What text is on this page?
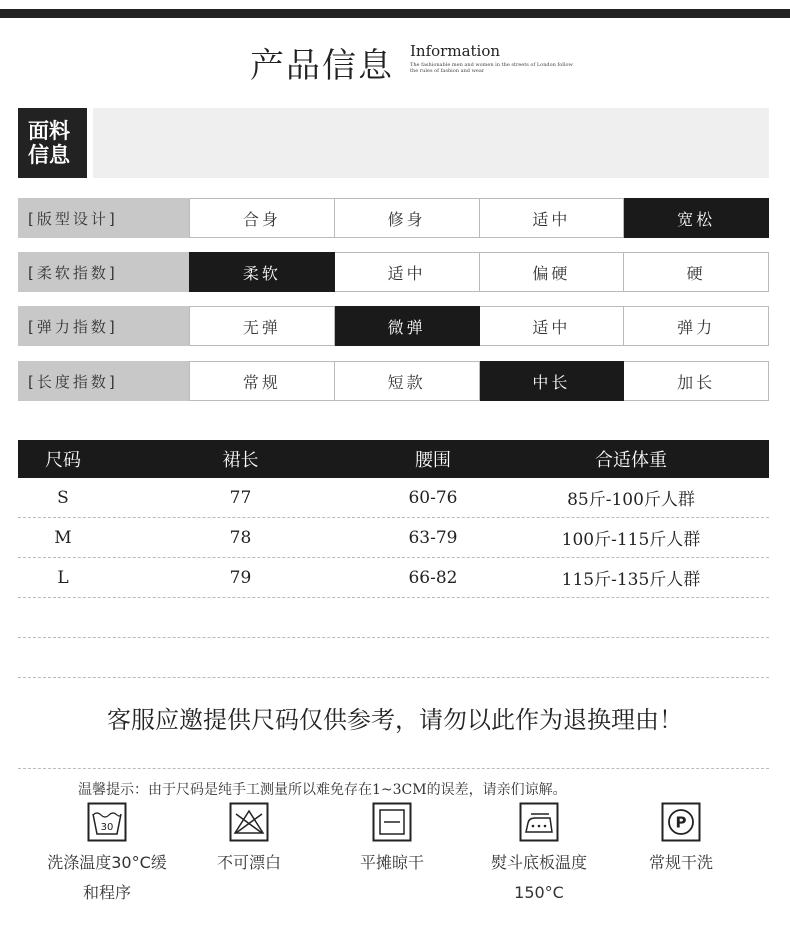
产品信息 Information
The fashionable men and women in the streets of London follow the rules of fashion and wear
面料
信息
[版型设计]	合身	修身	适中	宽松
[柔软指数]	柔软	适中	偏硬	硬
[弹力指数]	无弹	微弹	适中	弹力
[长度指数]	常规	短款	中长	加长
尺码	裙长	腰围	合适体重
S	77	60-76	85斤-100斤人群
M	78	63-79	100斤-115斤人群
L	79	66-82	115斤-135斤人群
客服应邀提供尺码仅供参考，请勿以此作为退换理由！
温馨提示：由于尺码是纯手工测量所以难免存在1~3CM的误差，请亲们谅解。
30
洗涤温度30°C缓
和程序
不可漂白	平摊晾干	熨斗底板温度
150°C
P
常规干洗
